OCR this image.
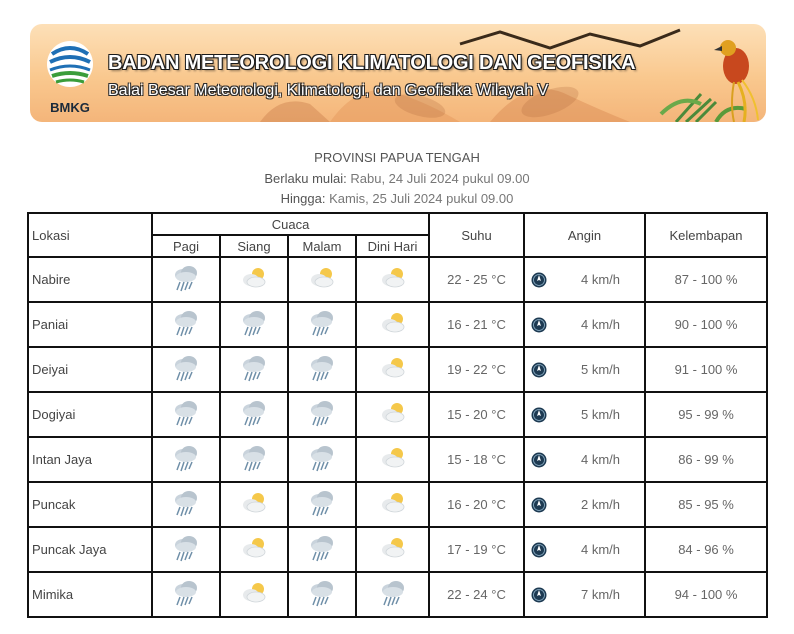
BMKG
BADAN METEOROLOGI KLIMATOLOGI DAN GEOFISIKA
Balai Besar Meteorologi, Klimatologi, dan Geofisika Wilayah V
PROVINSI PAPUA TENGAH
Berlaku mulai: Rabu, 24 Juli 2024 pukul 09.00
Hingga: Kamis, 25 Juli 2024 pukul 09.00
Lokasi	Cuaca				Suhu	Angin	Kelembapan
	Pagi	Siang	Malam	Dini Hari			
Nabire					22 - 25 °C	4 km/h	87 - 100 %
Paniai					16 - 21 °C	4 km/h	90 - 100 %
Deiyai					19 - 22 °C	5 km/h	91 - 100 %
Dogiyai					15 - 20 °C	5 km/h	95 - 99 %
Intan Jaya					15 - 18 °C	4 km/h	86 - 99 %
Puncak					16 - 20 °C	2 km/h	85 - 95 %
Puncak Jaya					17 - 19 °C	4 km/h	84 - 96 %
Mimika					22 - 24 °C	7 km/h	94 - 100 %
